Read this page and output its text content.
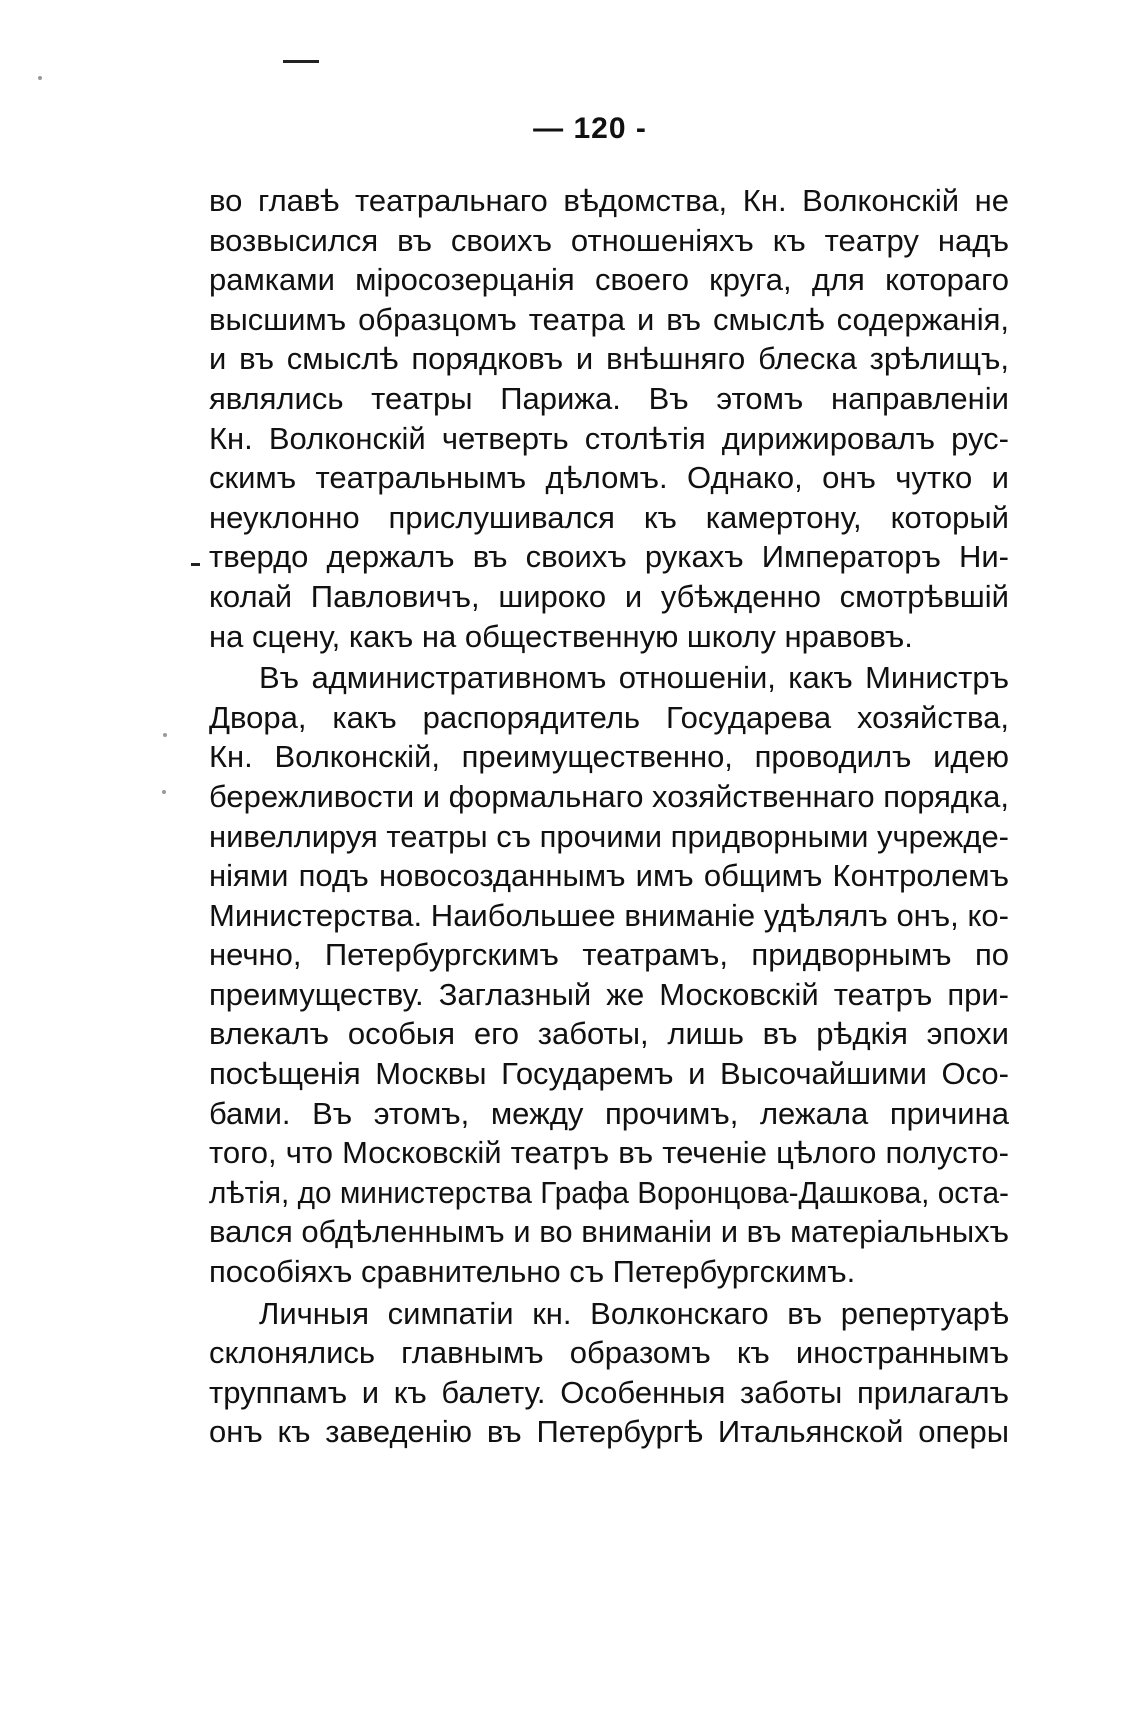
— 120 -
во главѣ театральнаго вѣдомства, Кн. Волконскій не
возвысился въ своихъ отношеніяхъ къ театру надъ
рамками міросозерцанія своего круга, для котораго
высшимъ образцомъ театра и въ смыслѣ содержанія,
и въ смыслѣ порядковъ и внѣшняго блеска зрѣлищъ,
являлись театры Парижа. Въ этомъ направленіи
Кн. Волконскій четверть столѣтія дирижировалъ рус-
скимъ театральнымъ дѣломъ. Однако, онъ чутко и
неуклонно прислушивался къ камертону, который
твердо держалъ въ своихъ рукахъ Императоръ Ни-
колай Павловичъ, широко и убѣжденно смотрѣвшій
на сцену, какъ на общественную школу нравовъ.
Въ административномъ отношеніи, какъ Министръ
Двора, какъ распорядитель Государева хозяйства,
Кн. Волконскій, преимущественно, проводилъ идею
бережливости и формальнаго хозяйственнаго порядка,
нивеллируя театры съ прочими придворными учрежде-
ніями подъ новосозданнымъ имъ общимъ Контролемъ
Министерства. Наибольшее вниманіе удѣлялъ онъ, ко-
нечно, Петербургскимъ театрамъ, придворнымъ по
преимуществу. Заглазный же Московскій театръ при-
влекалъ особыя его заботы, лишь въ рѣдкія эпохи
посѣщенія Москвы Государемъ и Высочайшими Осо-
бами. Въ этомъ, между прочимъ, лежала причина
того, что Московскій театръ въ теченіе цѣлого полусто-
лѣтія, до министерства Графа Воронцова-Дашкова, оста-
вался обдѣленнымъ и во вниманіи и въ матеріальныхъ
пособіяхъ сравнительно съ Петербургскимъ.
Личныя симпатіи кн. Волконскаго въ репертуарѣ
склонялись главнымъ образомъ къ иностраннымъ
труппамъ и къ балету. Особенныя заботы прилагалъ
онъ къ заведенію въ Петербургѣ Итальянской оперы
